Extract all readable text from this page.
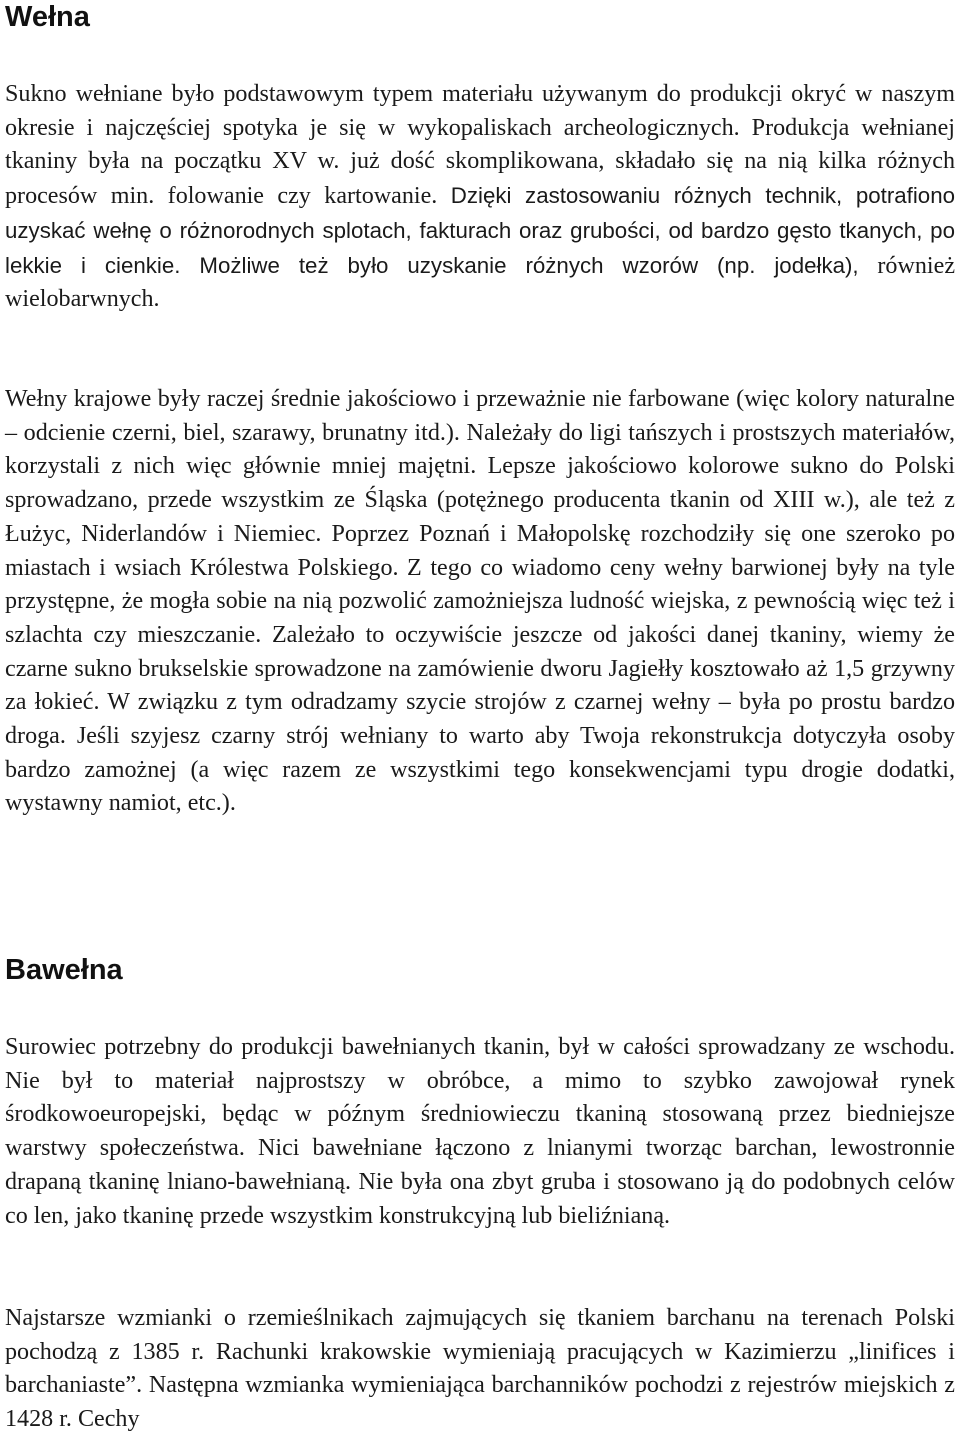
Wełna

Sukno wełniane było podstawowym typem materiału używanym do produkcji okryć w naszym okresie i najczęściej spotyka je się w wykopaliskach archeologicznych. Produkcja wełnianej tkaniny była na początku XV w. już dość skomplikowana, składało się na nią kilka różnych procesów min. folowanie czy kartowanie. Dzięki zastosowaniu różnych technik, potrafiono uzyskać wełnę o różnorodnych splotach, fakturach oraz grubości, od bardzo gęsto tkanych, po lekkie i cienkie. Możliwe też było uzyskanie różnych wzorów (np. jodełka), również wielobarwnych.

Wełny krajowe były raczej średnie jakościowo i przeważnie nie farbowane (więc kolory naturalne – odcienie czerni, biel, szarawy, brunatny itd.). Należały do ligi tańszych i prostszych materiałów, korzystali z nich więc głównie mniej majętni. Lepsze jakościowo kolorowe sukno do Polski sprowadzano, przede wszystkim ze Śląska (potężnego producenta tkanin od XIII w.), ale też z Łużyc, Niderlandów i Niemiec. Poprzez Poznań i Małopolskę rozchodziły się one szeroko po miastach i wsiach Królestwa Polskiego. Z tego co wiadomo ceny wełny barwionej były na tyle przystępne, że mogła sobie na nią pozwolić zamożniejsza ludność wiejska, z pewnością więc też i szlachta czy mieszczanie. Zależało to oczywiście jeszcze od jakości danej tkaniny, wiemy że czarne sukno brukselskie sprowadzone na zamówienie dworu Jagiełły kosztowało aż 1,5 grzywny za łokieć. W związku z tym odradzamy szycie strojów z czarnej wełny – była po prostu bardzo droga. Jeśli szyjesz czarny strój wełniany to warto aby Twoja rekonstrukcja dotyczyła osoby bardzo zamożnej (a więc razem ze wszystkimi tego konsekwencjami typu drogie dodatki, wystawny namiot, etc.).

Bawełna

Surowiec potrzebny do produkcji bawełnianych tkanin, był w całości sprowadzany ze wschodu. Nie był to materiał najprostszy w obróbce, a mimo to szybko zawojował rynek środkowoeuropejski, będąc w późnym średniowieczu tkaniną stosowaną przez biedniejsze warstwy społeczeństwa. Nici bawełniane łączono z lnianymi tworząc barchan, lewostronnie drapaną tkaninę lniano-bawełnianą. Nie była ona zbyt gruba i stosowano ją do podobnych celów co len, jako tkaninę przede wszystkim konstrukcyjną lub bieliźnianą.

Najstarsze wzmianki o rzemieślnikach zajmujących się tkaniem barchanu na terenach Polski pochodzą z 1385 r. Rachunki krakowskie wymieniają pracujących w Kazimierzu „linifices i barchaniaste”. Następna wzmianka wymieniająca barchanników pochodzi z rejestrów miejskich z 1428 r. Cechy
